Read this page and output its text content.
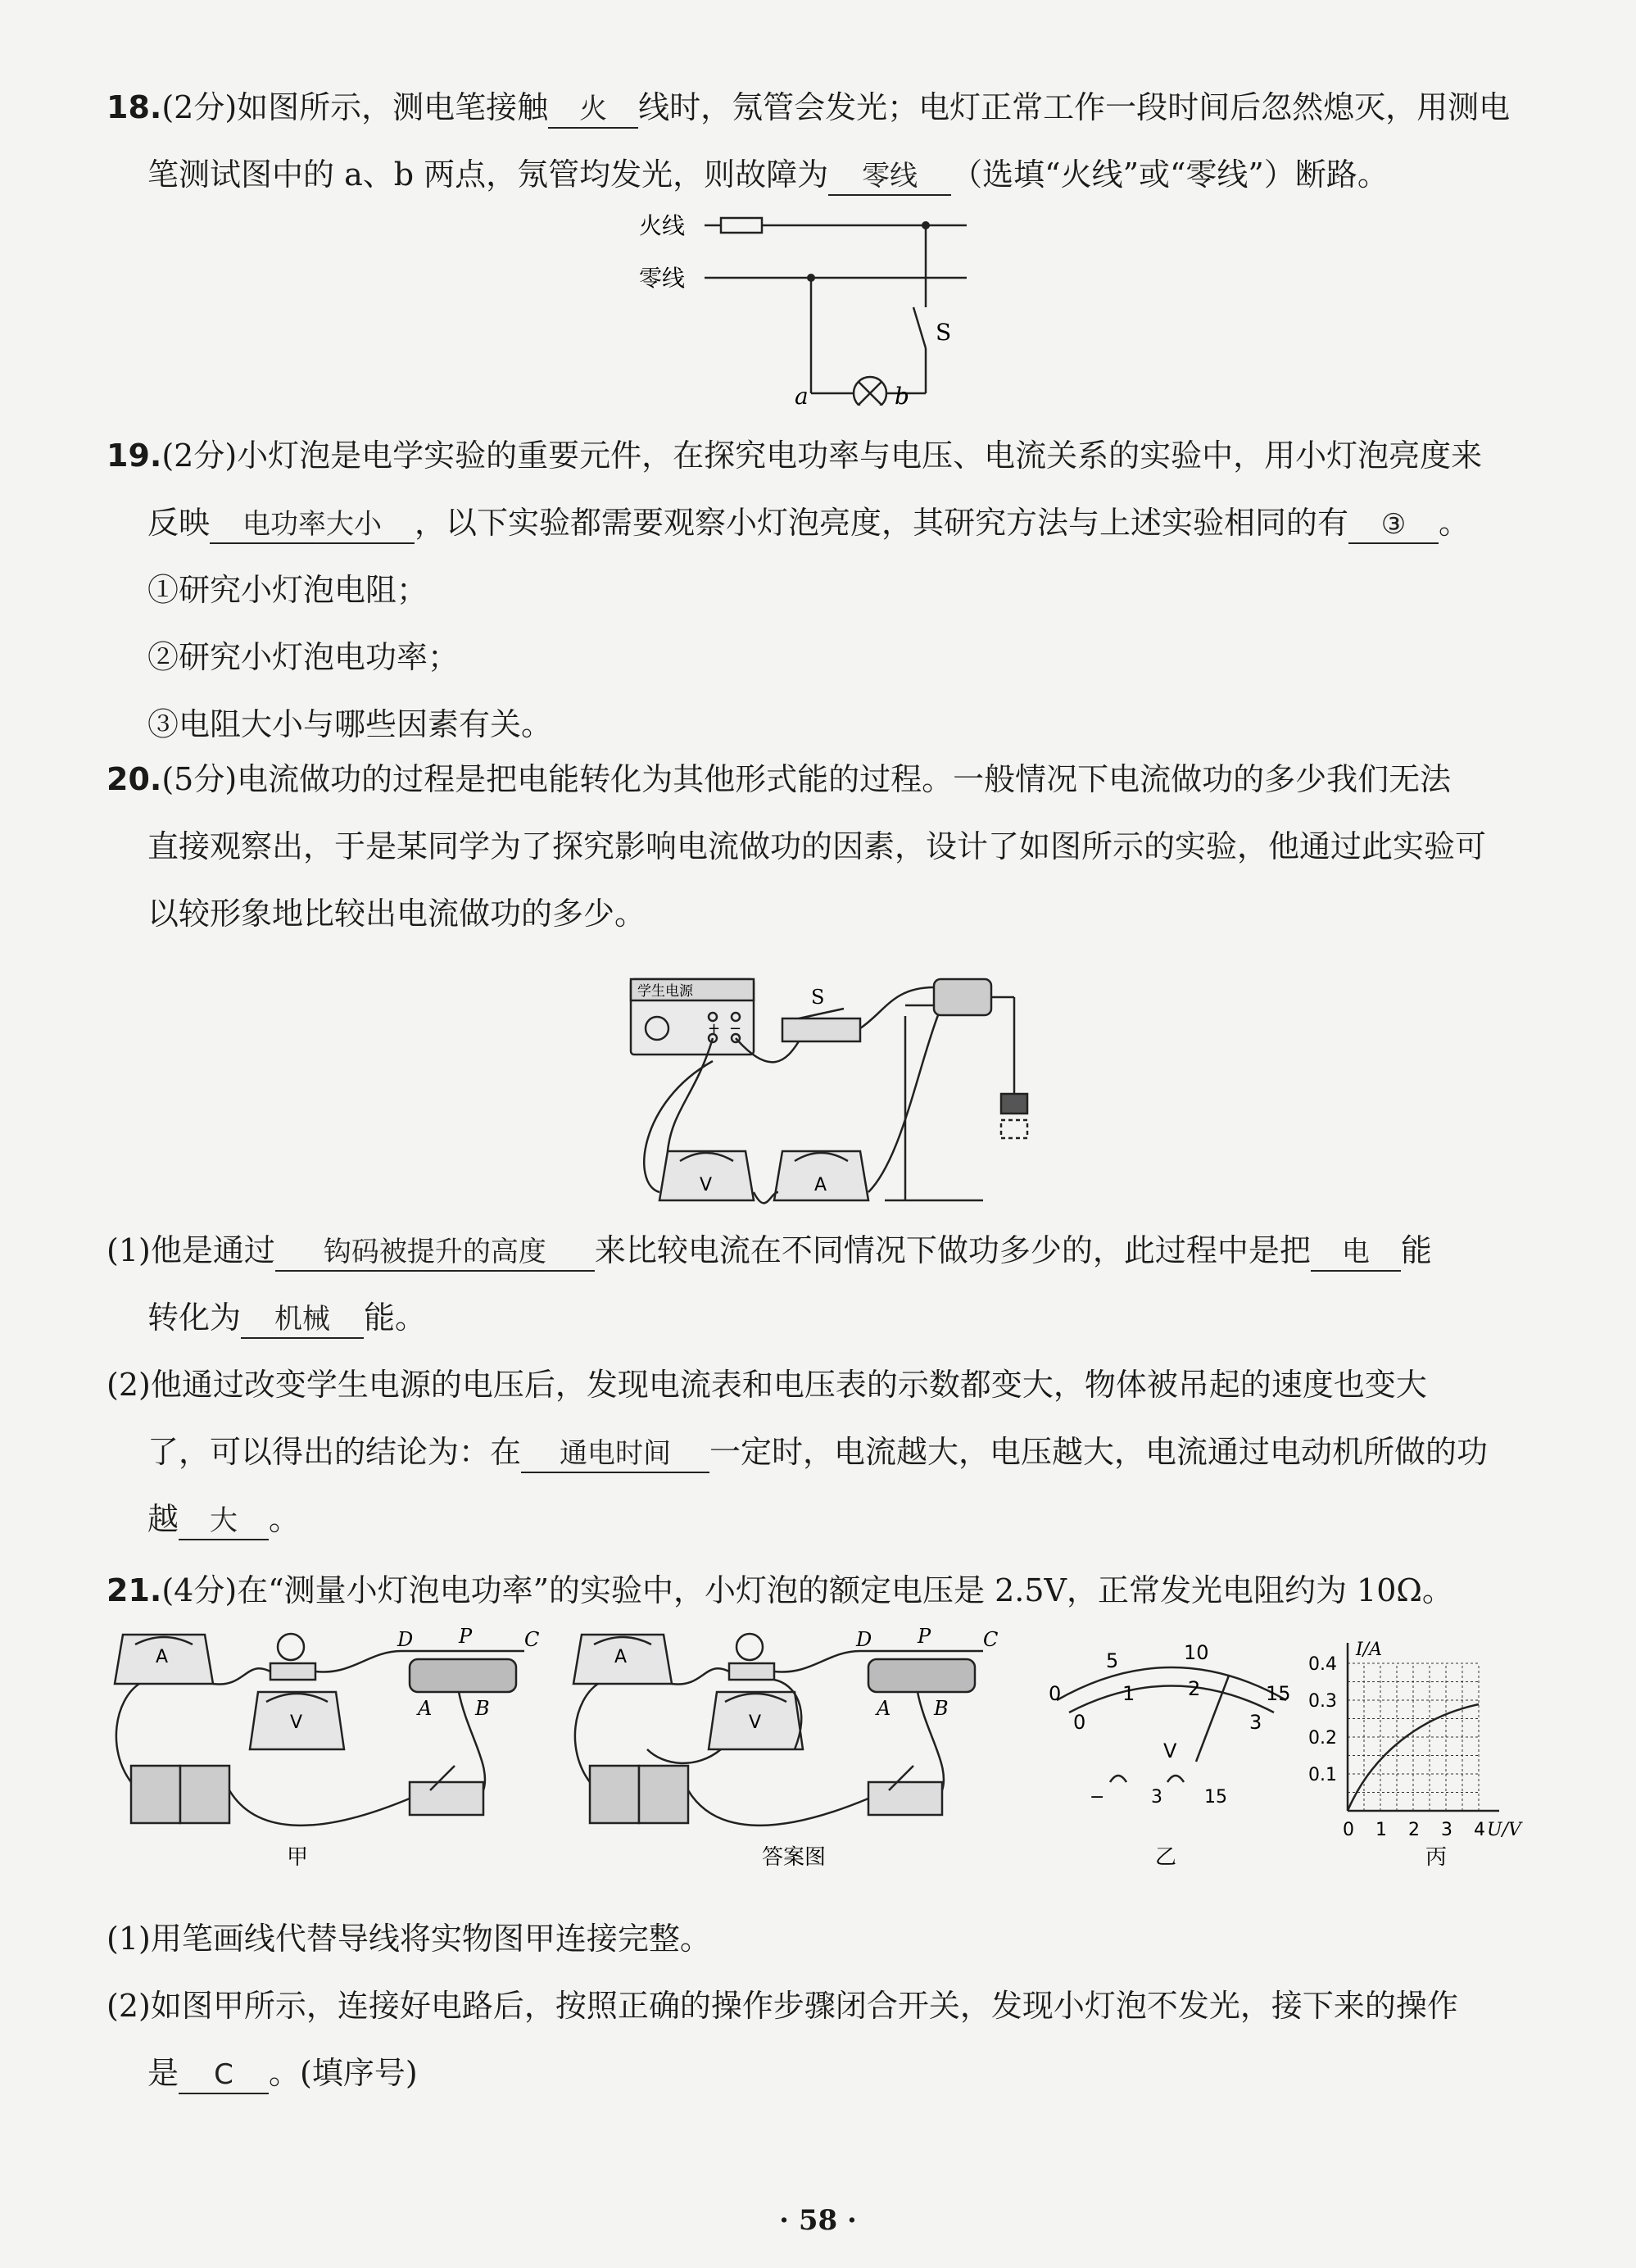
18.(2分)如图所示，测电笔接触 火 线时，氖管会发光；电灯正常工作一段时间后忽然熄灭，用测电
笔测试图中的 a、b 两点，氖管均发光，则故障为 零线 （选填“火线”或“零线”）断路。
火线
零线
S
a	b
19.(2分)小灯泡是电学实验的重要元件，在探究电功率与电压、电流关系的实验中，用小灯泡亮度来
反映 电功率大小 ，以下实验都需要观察小灯泡亮度，其研究方法与上述实验相同的有 ③ 。
①研究小灯泡电阻；
②研究小灯泡电功率；
③电阻大小与哪些因素有关。
20.(5分)电流做功的过程是把电能转化为其他形式能的过程。一般情况下电流做功的多少我们无法
直接观察出，于是某同学为了探究影响电流做功的因素，设计了如图所示的实验，他通过此实验可
以较形象地比较出电流做功的多少。
学生电源
+ −
S
V	A
(1)他是通过 钩码被提升的高度 来比较电流在不同情况下做功多少的，此过程中是把 电 能
转化为 机械 能。
(2)他通过改变学生电源的电压后，发现电流表和电压表的示数都变大，物体被吊起的速度也变大
了，可以得出的结论为：在 通电时间 一定时，电流越大，电压越大，电流通过电动机所做的功
越 大 。
21.(4分)在“测量小灯泡电功率”的实验中，小灯泡的额定电压是 2.5V，正常发光电阻约为 10Ω。
A
V
D P	C
A B
甲
A
V
D P	C
A B
答案图
0
5	10
15
0
1	2
3
V
−	3 15
乙
0.4
0.3
0.2
0.1
0 1 2 3 4
I/A
U/V
丙
(1)用笔画线代替导线将实物图甲连接完整。
(2)如图甲所示，连接好电路后，按照正确的操作步骤闭合开关，发现小灯泡不发光，接下来的操作
是 C 。(填序号)
· 58 ·
